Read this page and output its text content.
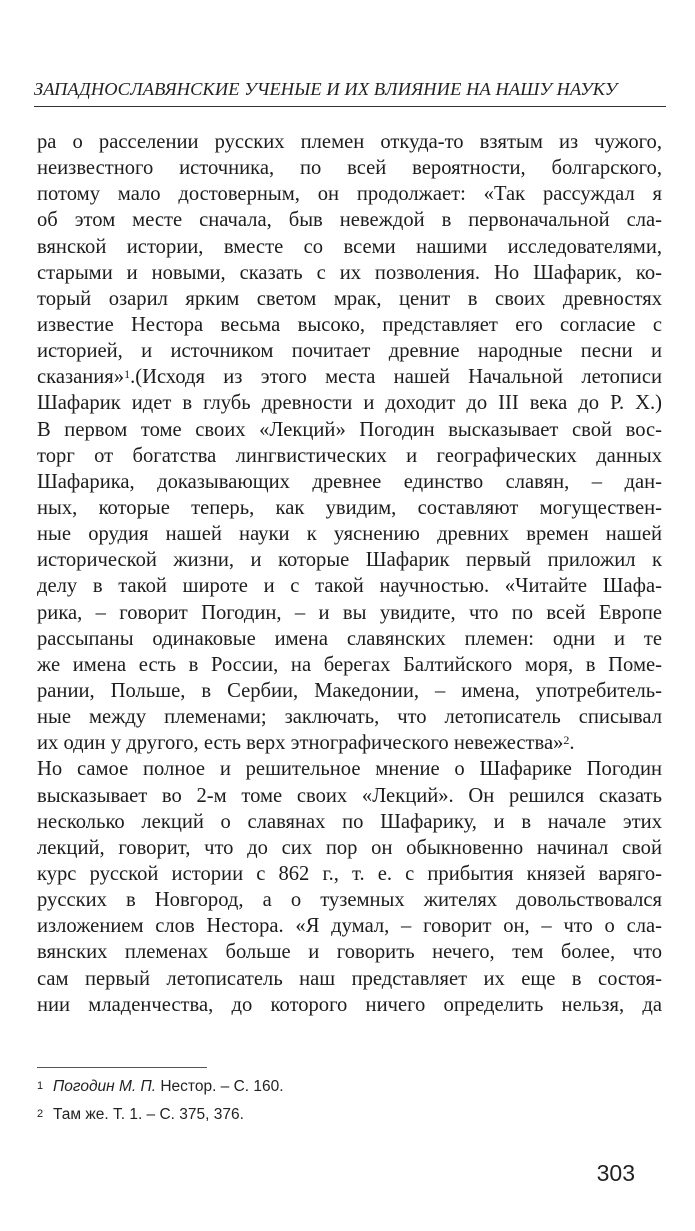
ЗАПАДНОСЛАВЯНСКИЕ УЧЕНЫЕ И ИХ ВЛИЯНИЕ НА НАШУ НАУКУ
ра о расселении русских племен откуда-то взятым из чужого,
неизвестного источника, по всей вероятности, болгарского,
потому мало достоверным, он продолжает: «Так рассуждал я
об этом месте сначала, быв невеждой в первоначальной сла-
вянской истории, вместе со всеми нашими исследователями,
старыми и новыми, сказать с их позволения. Но Шафарик, ко-
торый озарил ярким светом мрак, ценит в своих древностях
известие Нестора весьма высоко, представляет его согласие с
историей, и источником почитает древние народные песни и
сказания»$^1$.(Исходя из этого места нашей Начальной летописи
Шафарик идет в глубь древности и доходит до III века до Р. Х.)
В первом томе своих «Лекций» Погодин высказывает свой вос-
торг от богатства лингвистических и географических данных
Шафарика, доказывающих древнее единство славян, – дан-
ных, которые теперь, как увидим, составляют могуществен-
ные орудия нашей науки к уяснению древних времен нашей
исторической жизни, и которые Шафарик первый приложил к
делу в такой широте и с такой научностью. «Читайте Шафа-
рика, – говорит Погодин, – и вы увидите, что по всей Европе
рассыпаны одинаковые имена славянских племен: одни и те
же имена есть в России, на берегах Балтийского моря, в Поме-
рании, Польше, в Сербии, Македонии, – имена, употребитель-
ные между племенами; заключать, что летописатель списывал
их один у другого, есть верх этнографического невежества»$^2$.
Но самое полное и решительное мнение о Шафарике Погодин
высказывает во 2-м томе своих «Лекций». Он решился сказать
несколько лекций о славянах по Шафарику, и в начале этих
лекций, говорит, что до сих пор он обыкновенно начинал свой
курс русской истории с 862 г., т. е. с прибытия князей варяго-
русских в Новгород, а о туземных жителях довольствовался
изложением слов Нестора. «Я думал, – говорит он, – что о сла-
вянских племенах больше и говорить нечего, тем более, что
сам первый летописатель наш представляет их еще в состоя-
нии младенчества, до которого ничего определить нельзя, да
1 Погодин М. П. Нестор. – С. 160.
2 Там же. Т. 1. – С. 375, 376.
303
